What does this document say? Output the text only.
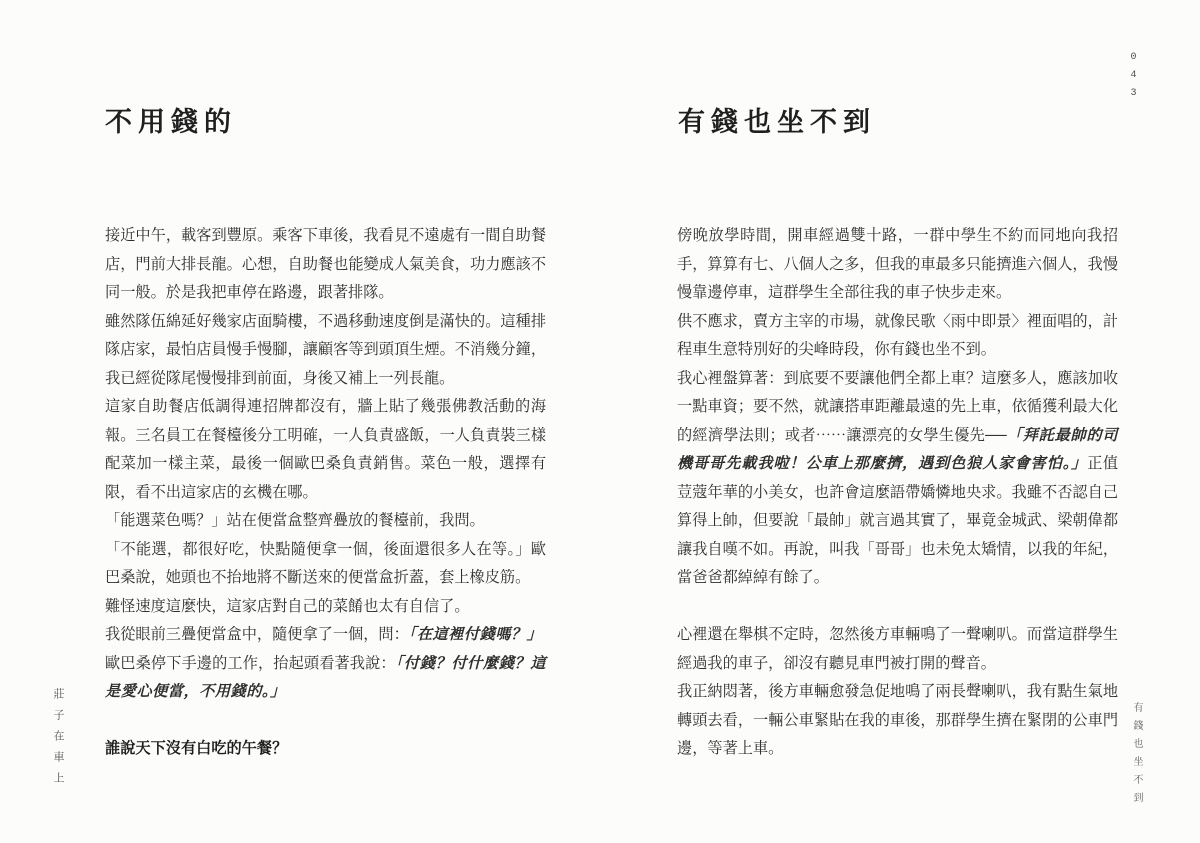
不用錢的

接近中午，載客到豐原。乘客下車後，我看見不遠處有一間自助餐店，門前大排長龍。心想，自助餐也能變成人氣美食，功力應該不同一般。於是我把車停在路邊，跟著排隊。

雖然隊伍綿延好幾家店面騎樓，不過移動速度倒是滿快的。這種排隊店家，最怕店員慢手慢腳，讓顧客等到頭頂生煙。不消幾分鐘，我已經從隊尾慢慢排到前面，身後又補上一列長龍。

這家自助餐店低調得連招牌都沒有，牆上貼了幾張佛教活動的海報。三名員工在餐檯後分工明確，一人負責盛飯，一人負責裝三樣配菜加一樣主菜，最後一個歐巴桑負責銷售。菜色一般，選擇有限，看不出這家店的玄機在哪。

「能選菜色嗎？」站在便當盒整齊疊放的餐檯前，我問。

「不能選，都很好吃，快點隨便拿一個，後面還很多人在等。」歐巴桑說，她頭也不抬地將不斷送來的便當盒折蓋，套上橡皮筋。

難怪速度這麼快，這家店對自己的菜餚也太有自信了。

我從眼前三疊便當盒中，隨便拿了一個，問：「在這裡付錢嗎？」

歐巴桑停下手邊的工作，抬起頭看著我說：「付錢？付什麼錢？這是愛心便當，不用錢的。」

誰說天下沒有白吃的午餐？

有錢也坐不到

傍晚放學時間，開車經過雙十路，一群中學生不約而同地向我招手，算算有七、八個人之多，但我的車最多只能擠進六個人，我慢慢靠邊停車，這群學生全部往我的車子快步走來。

供不應求，賣方主宰的市場，就像民歌〈雨中即景〉裡面唱的，計程車生意特別好的尖峰時段，你有錢也坐不到。

我心裡盤算著：到底要不要讓他們全都上車？這麼多人，應該加收一點車資；要不然，就讓搭車距離最遠的先上車，依循獲利最大化的經濟學法則；或者⋯⋯讓漂亮的女學生優先──「拜託最帥的司機哥哥先載我啦！公車上那麼擠，遇到色狼人家會害怕。」正值荳蔻年華的小美女，也許會這麼語帶嬌憐地央求。我雖不否認自己算得上帥，但要說「最帥」就言過其實了，畢竟金城武、梁朝偉都讓我自嘆不如。再說，叫我「哥哥」也未免太矯情，以我的年紀，當爸爸都綽綽有餘了。

心裡還在舉棋不定時，忽然後方車輛鳴了一聲喇叭。而當這群學生經過我的車子，卻沒有聽見車門被打開的聲音。

我正納悶著，後方車輛愈發急促地鳴了兩長聲喇叭，我有點生氣地轉頭去看，一輛公車緊貼在我的車後，那群學生擠在緊閉的公車門邊，等著上車。

莊子在車上	有錢也坐不到
043
